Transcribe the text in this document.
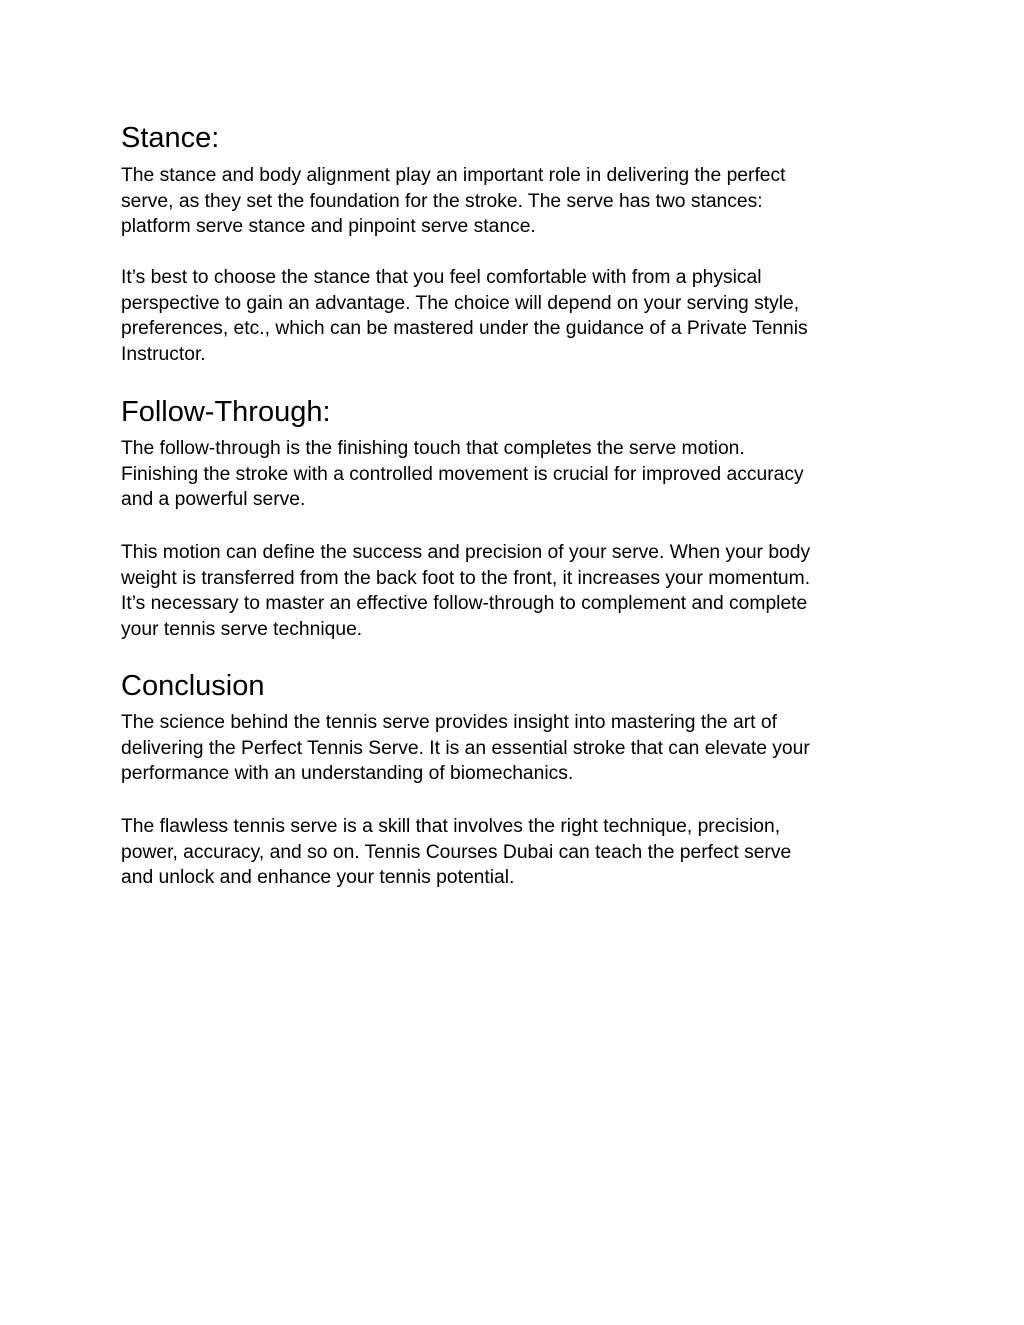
Stance:

The stance and body alignment play an important role in delivering the perfect
serve, as they set the foundation for the stroke. The serve has two stances:
platform serve stance and pinpoint serve stance.

It’s best to choose the stance that you feel comfortable with from a physical
perspective to gain an advantage. The choice will depend on your serving style,
preferences, etc., which can be mastered under the guidance of a Private Tennis
Instructor.

Follow-Through:

The follow-through is the finishing touch that completes the serve motion.
Finishing the stroke with a controlled movement is crucial for improved accuracy
and a powerful serve.

This motion can define the success and precision of your serve. When your body
weight is transferred from the back foot to the front, it increases your momentum.
It’s necessary to master an effective follow-through to complement and complete
your tennis serve technique.

Conclusion

The science behind the tennis serve provides insight into mastering the art of
delivering the Perfect Tennis Serve. It is an essential stroke that can elevate your
performance with an understanding of biomechanics.

The flawless tennis serve is a skill that involves the right technique, precision,
power, accuracy, and so on. Tennis Courses Dubai can teach the perfect serve
and unlock and enhance your tennis potential.
